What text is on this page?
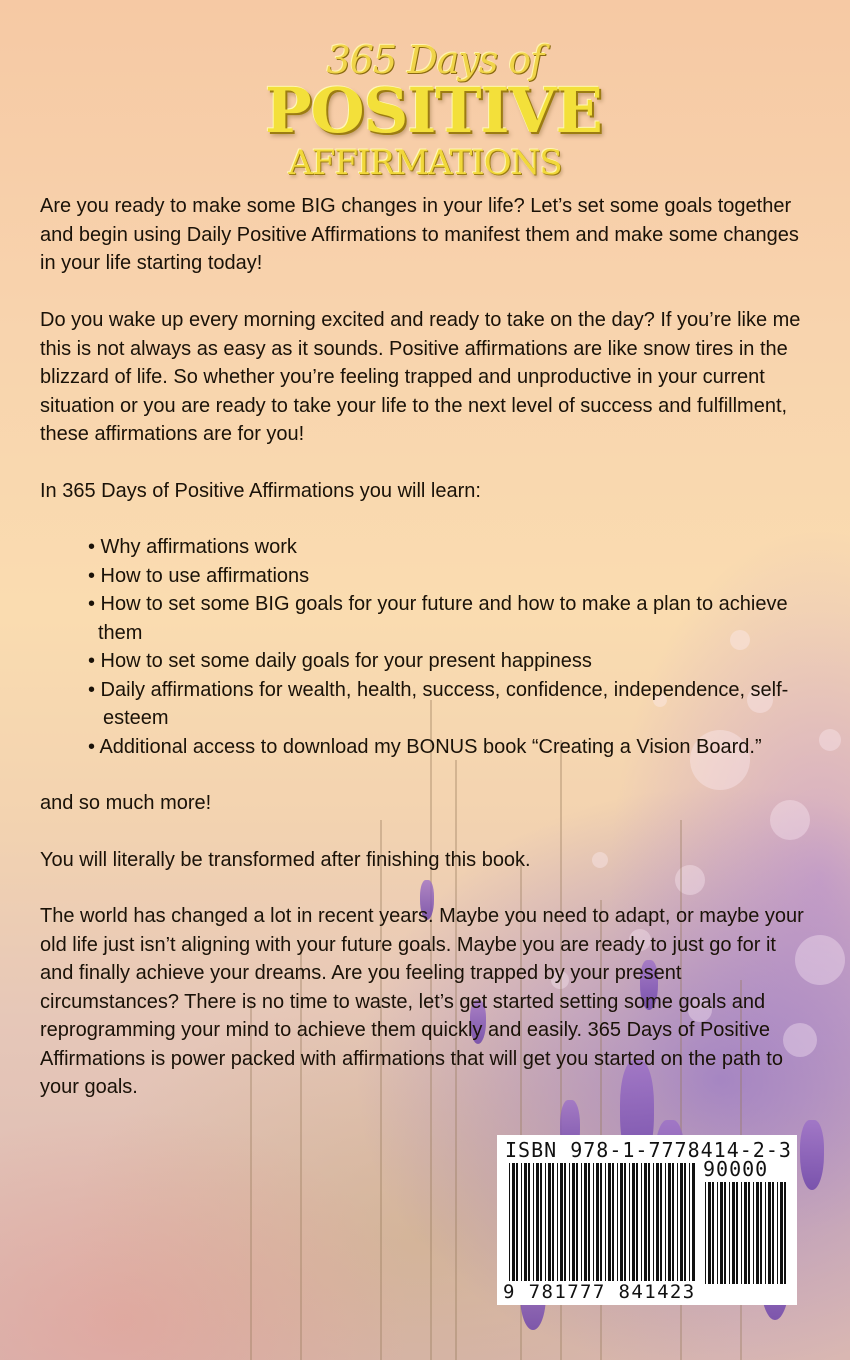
365 Days of
POSITIVE
AFFIRMATIONS

Are you ready to make some BIG changes in your life? Let’s set some goals together and begin using Daily Positive Affirmations to manifest them and make some changes in your life starting today!

Do you wake up every morning excited and ready to take on the day? If you’re like me this is not always as easy as it sounds. Positive affirmations are like snow tires in the blizzard of life. So whether you’re feeling trapped and unproductive in your current situation or you are ready to take your life to the next level of success and fulfillment, these affirmations are for you!

In 365 Days of Positive Affirmations you will learn:

• Why affirmations work
• How to use affirmations
• How to set some BIG goals for your future and how to make a plan to achieve them
• How to set some daily goals for your present happiness
• Daily affirmations for wealth, health, success, confidence, independence, self-esteem
• Additional access to download my BONUS book “Creating a Vision Board.”

and so much more!

You will literally be transformed after finishing this book.

The world has changed a lot in recent years. Maybe you need to adapt, or maybe your old life just isn’t aligning with your future goals. Maybe you are ready to just go for it and finally achieve your dreams. Are you feeling trapped by your present circumstances? There is no time to waste, let’s get started setting some goals and reprogramming your mind to achieve them quickly and easily. 365 Days of Positive Affirmations is power packed with affirmations that will get you started on the path to your goals.

ISBN 978-1-7778414-2-3
90000
9 781777 841423
